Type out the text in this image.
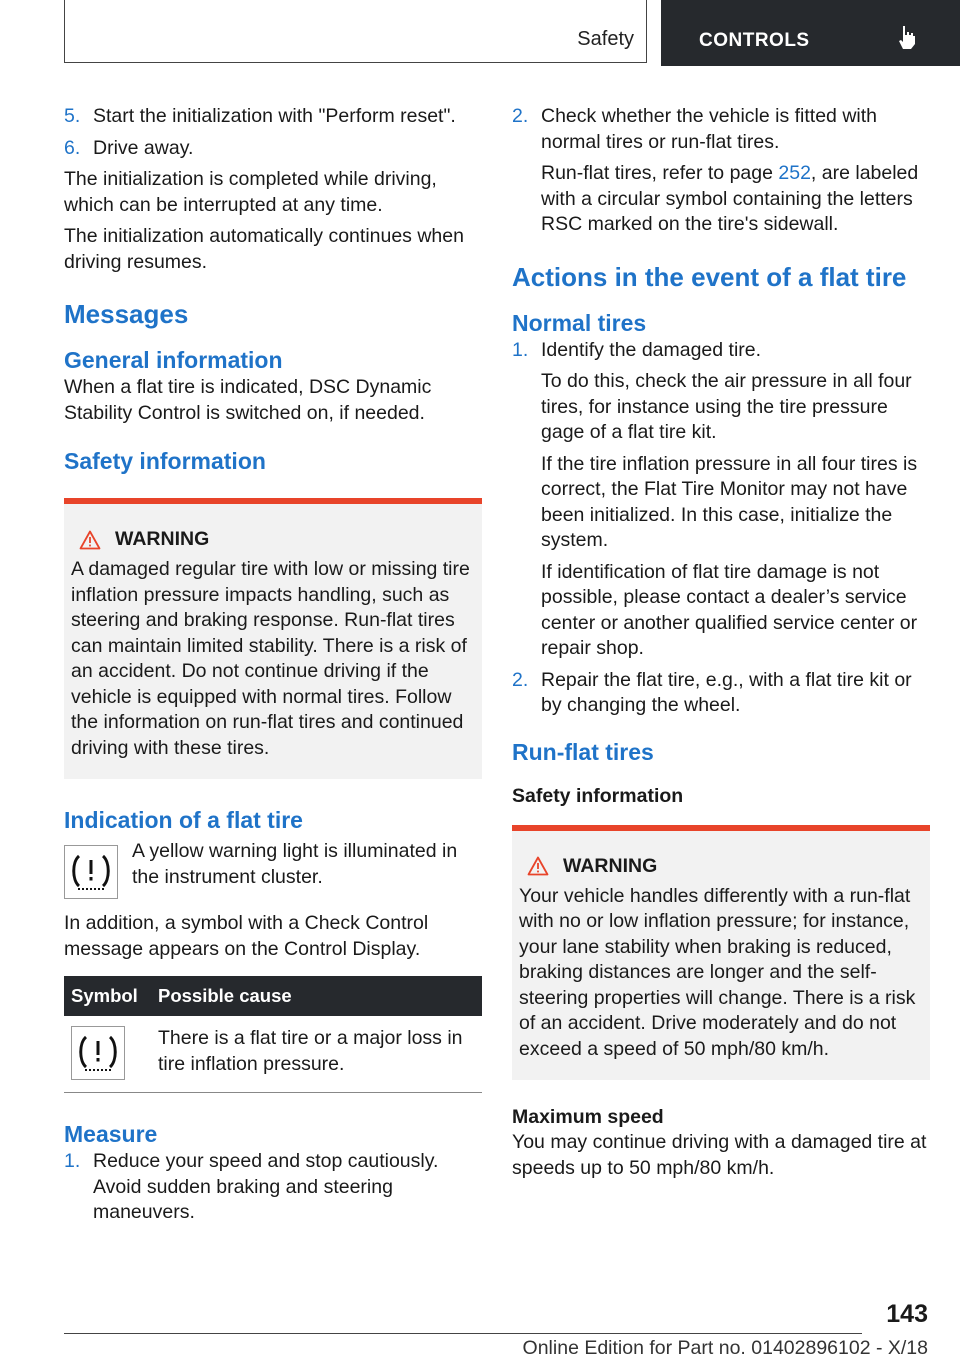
Safety	CONTROLS
5. Start the initialization with "Perform reset".
6. Drive away.

The initialization is completed while driving, which can be interrupted at any time.

The initialization automatically continues when driving resumes.

Messages
General information

When a flat tire is indicated, DSC Dynamic Stability Control is switched on, if needed.

Safety information
WARNING

A damaged regular tire with low or missing tire inflation pressure impacts handling, such as steering and braking response. Run-flat tires can maintain limited stability. There is a risk of an accident. Do not continue driving if the vehicle is equipped with normal tires. Follow the information on run-flat tires and continued driving with these tires.

Indication of a flat tire

A yellow warning light is illuminated in the instrument cluster.

In addition, a symbol with a Check Control message appears on the Control Display.

Symbol	Possible cause

	There is a flat tire or a major loss in tire inflation pressure.
Measure
1. Reduce your speed and stop cautiously. Avoid sudden braking and steering maneuvers.
2. Check whether the vehicle is fitted with normal tires or run-flat tires.
Run-flat tires, refer to page 252, are labeled with a circular symbol containing the letters RSC marked on the tire's sidewall.
Actions in the event of a flat tire
Normal tires
1. Identify the damaged tire.
To do this, check the air pressure in all four tires, for instance using the tire pressure gage of a flat tire kit.
If the tire inflation pressure in all four tires is correct, the Flat Tire Monitor may not have been initialized. In this case, initialize the system.
If identification of flat tire damage is not possible, please contact a dealer’s service center or another qualified service center or repair shop.
2. Repair the flat tire, e.g., with a flat tire kit or by changing the wheel.
Run-flat tires
Safety information
WARNING

Your vehicle handles differently with a run-flat with no or low inflation pressure; for instance, your lane stability when braking is reduced, braking distances are longer and the self-steering properties will change. There is a risk of an accident. Drive moderately and do not exceed a speed of 50 mph/80 km/h.

Maximum speed

You may continue driving with a damaged tire at speeds up to 50 mph/80 km/h.

143
Online Edition for Part no. 01402896102 - X/18
